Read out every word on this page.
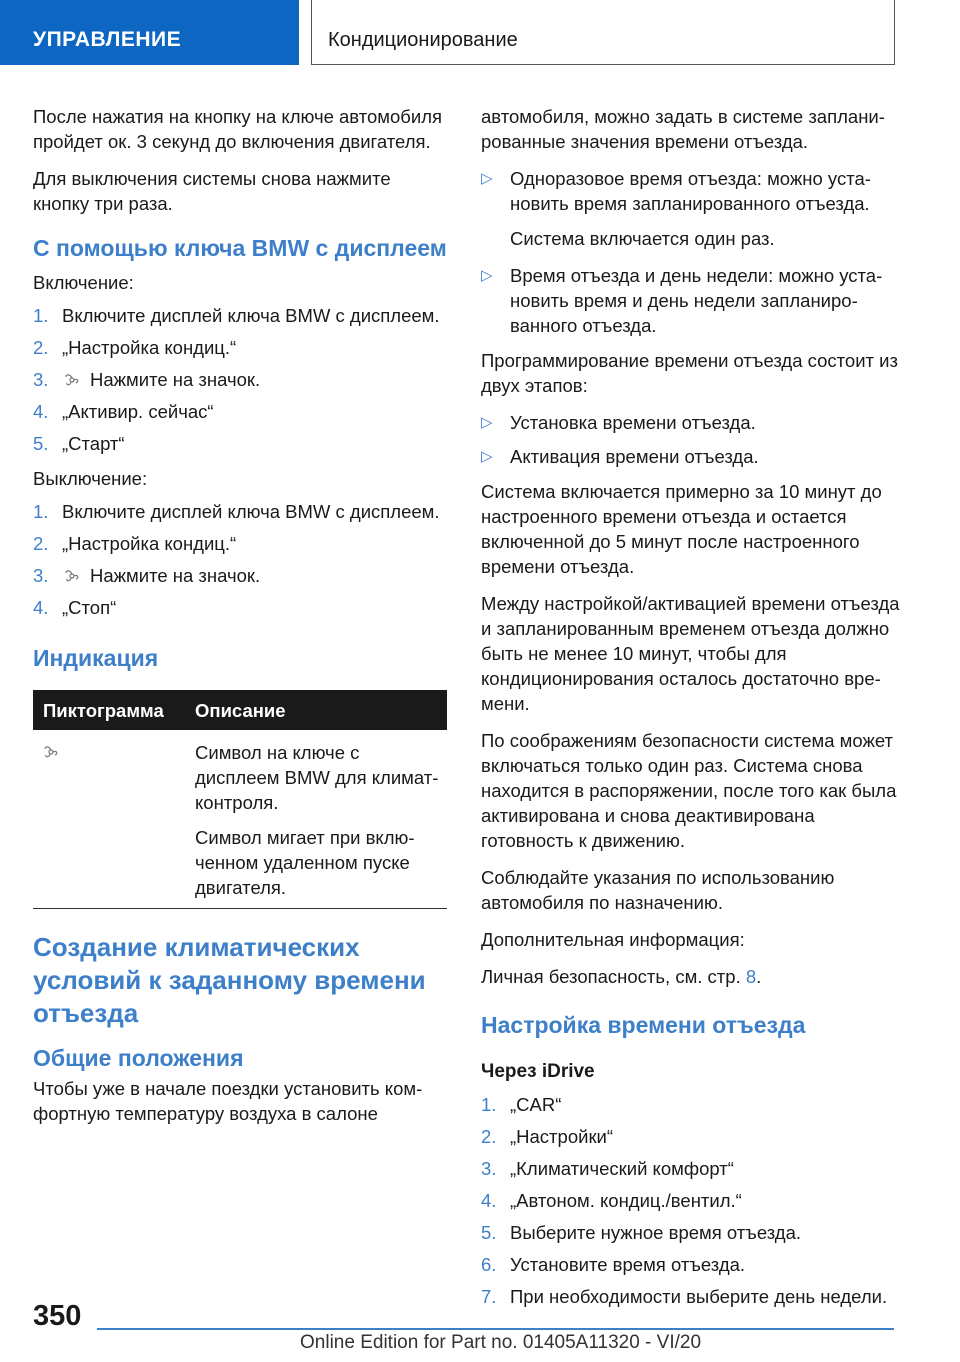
УПРАВЛЕНИЕ	Кондиционирование

После нажатия на кнопку на ключе автомобиля пройдет ок. 3 секунд до включения двигателя.

Для выключения системы снова нажмите кнопку три раза.

С помощью ключа BMW с дисплеем

Включение:

1. Включите дисплей ключа BMW с дисплеем.
2. „Настройка кондиц.“
3. Нажмите на значок.
4. „Активир. сейчас“
5. „Старт“

Выключение:

1. Включите дисплей ключа BMW с дисплеем.
2. „Настройка кондиц.“
3. Нажмите на значок.
4. „Стоп“
Индикация
Пиктограмма	Описание

Символ на ключе с дисплеем BMW для климат-контроля.
Символ мигает при включенном удаленном пуске двигателя.
Создание климатических условий к заданному времени отъезда
Общие положения

Чтобы уже в начале поездки установить комфортную температуру воздуха в салоне

автомобиля, можно задать в системе запланированные значения времени отъезда.

▷ Одноразовое время отъезда: можно установить время запланированного отъезда.

Система включается один раз.

▷ Время отъезда и день недели: можно установить время и день недели запланированного отъезда.

Программирование времени отъезда состоит из двух этапов:

▷ Установка времени отъезда.
▷ Активация времени отъезда.

Система включается примерно за 10 минут до настроенного времени отъезда и остается включенной до 5 минут после настроенного времени отъезда.

Между настройкой/активацией времени отъезда и запланированным временем отъезда должно быть не менее 10 минут, чтобы для кондиционирования осталось достаточно времени.

По соображениям безопасности система может включаться только один раз. Система снова находится в распоряжении, после того как была активирована и снова деактивирована готовность к движению.

Соблюдайте указания по использованию автомобиля по назначению.

Дополнительная информация:

Личная безопасность, см. стр. 8.

Настройка времени отъезда
Через iDrive
1. „CAR“
2. „Настройки“
3. „Климатический комфорт“
4. „Автоном. кондиц./вентил.“
5. Выберите нужное время отъезда.
6. Установите время отъезда.
7. При необходимости выберите день недели.
350
Online Edition for Part no. 01405A11320 - VI/20
